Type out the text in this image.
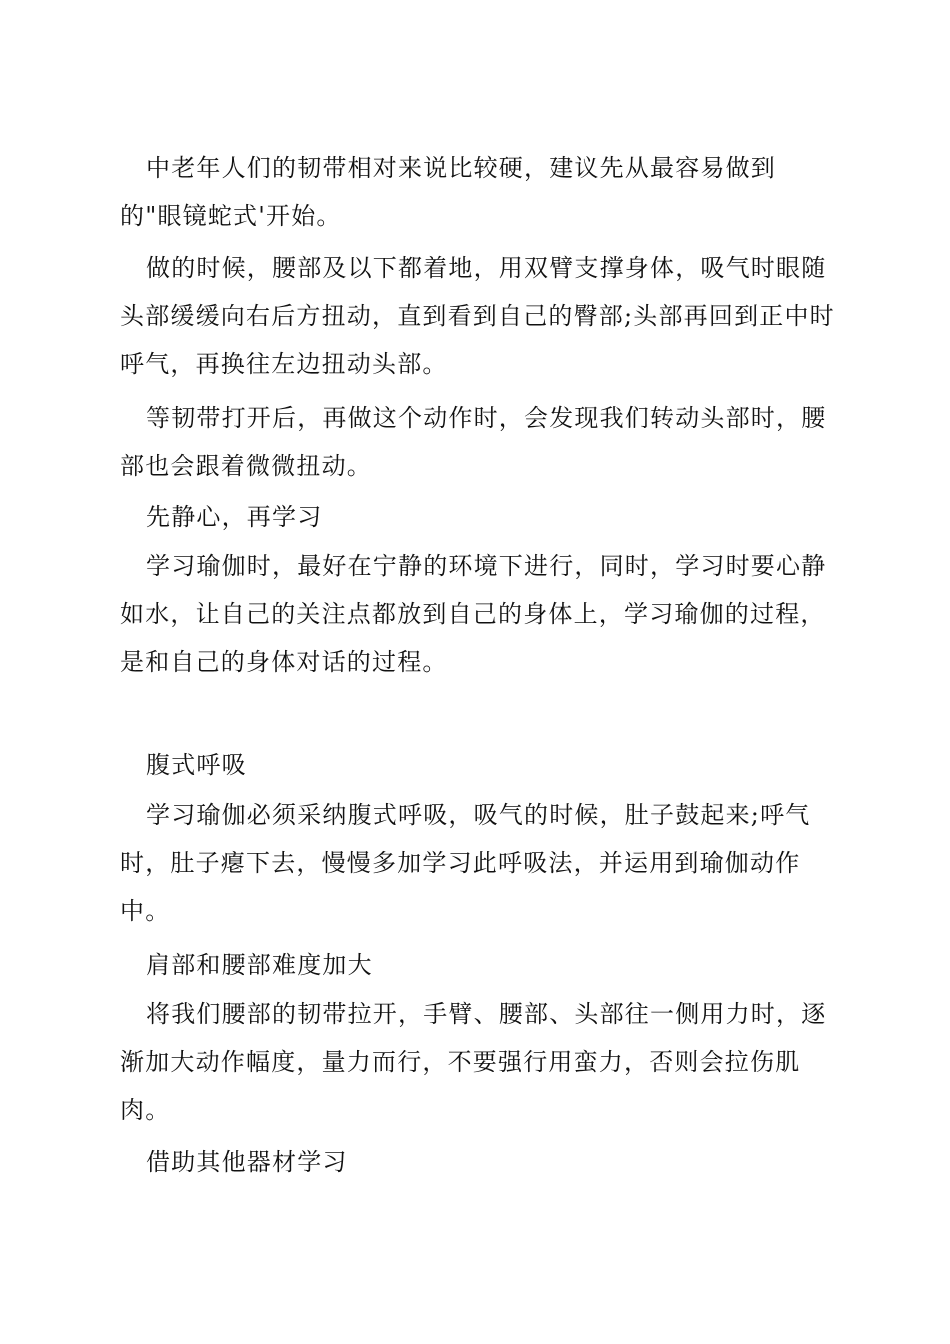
中老年人们的韧带相对来说比较硬，建议先从最容易做到的"眼镜蛇式'开始。

做的时候，腰部及以下都着地，用双臂支撑身体，吸气时眼随头部缓缓向右后方扭动，直到看到自己的臀部;头部再回到正中时呼气，再换往左边扭动头部。

等韧带打开后，再做这个动作时，会发现我们转动头部时，腰部也会跟着微微扭动。

先静心，再学习

学习瑜伽时，最好在宁静的环境下进行，同时，学习时要心静如水，让自己的关注点都放到自己的身体上，学习瑜伽的过程，是和自己的身体对话的过程。

腹式呼吸

学习瑜伽必须采纳腹式呼吸，吸气的时候，肚子鼓起来;呼气时，肚子瘪下去，慢慢多加学习此呼吸法，并运用到瑜伽动作中。

肩部和腰部难度加大

将我们腰部的韧带拉开，手臂、腰部、头部往一侧用力时，逐渐加大动作幅度，量力而行，不要强行用蛮力，否则会拉伤肌肉。

借助其他器材学习
